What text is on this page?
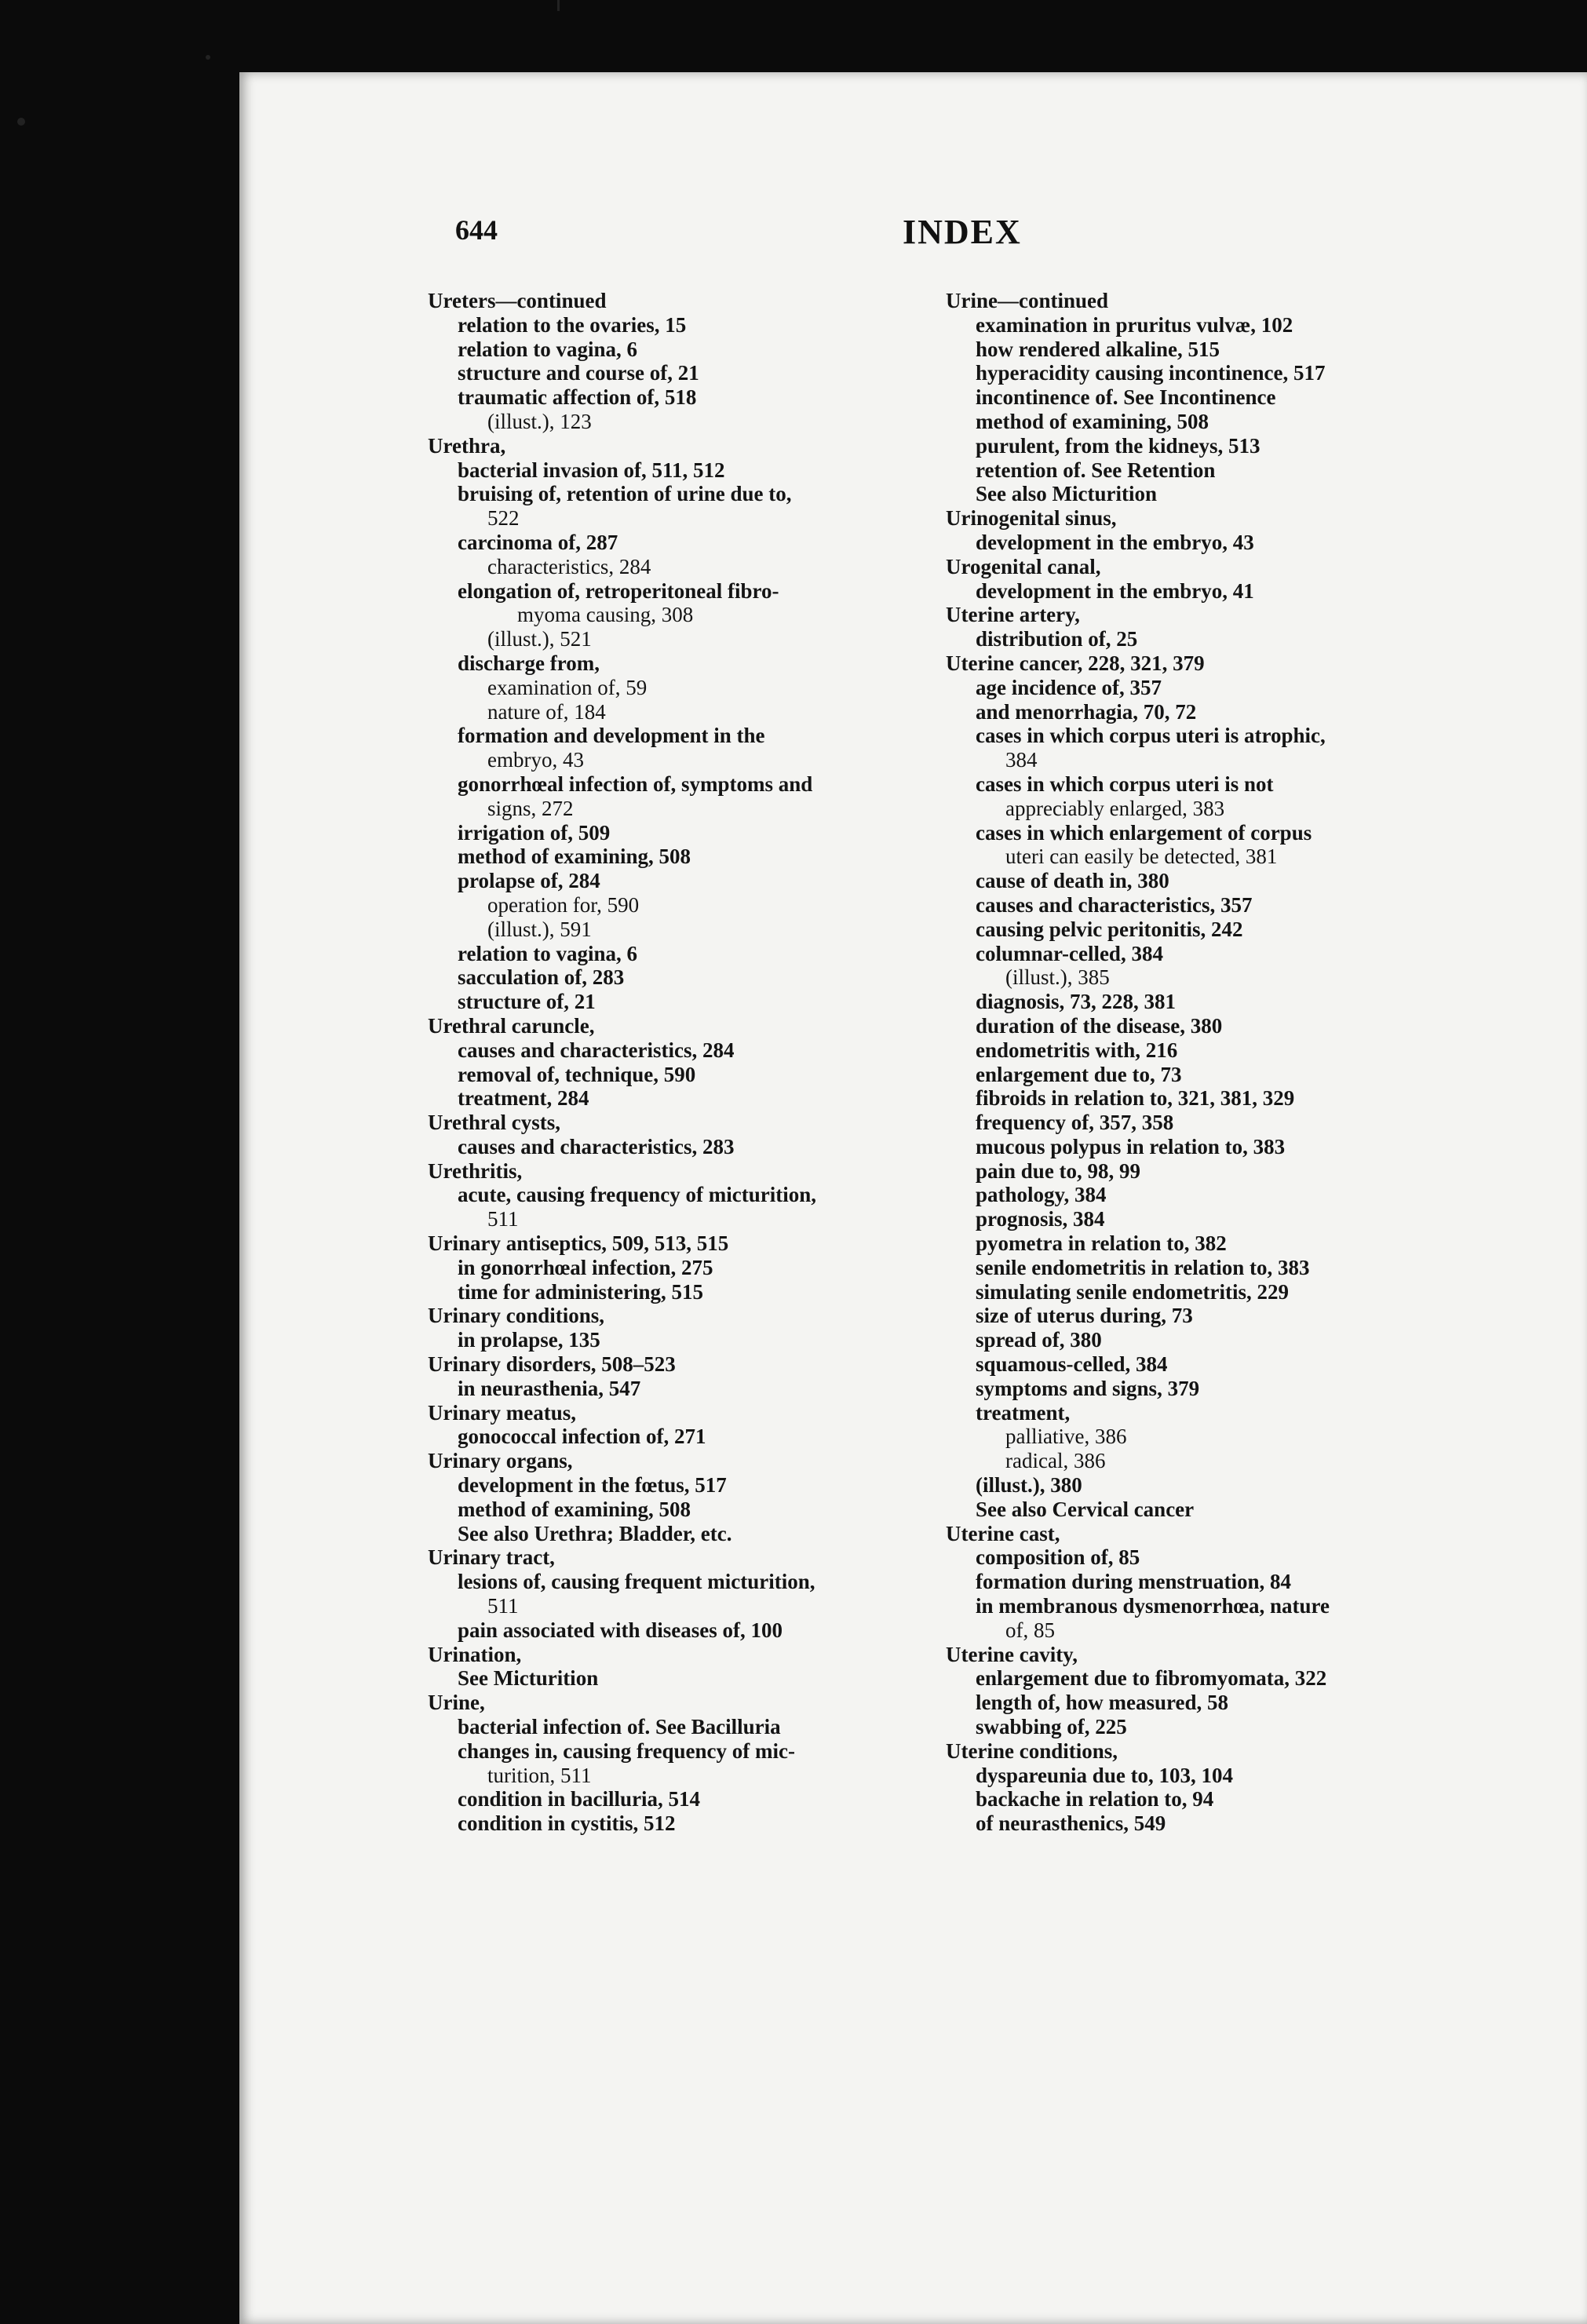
644	INDEX
Ureters—continued
relation to the ovaries, 15
relation to vagina, 6
structure and course of, 21
traumatic affection of, 518
(illust.), 123
Urethra,
bacterial invasion of, 511, 512
bruising of, retention of urine due to,
522
carcinoma of, 287
characteristics, 284
elongation of, retroperitoneal fibro-
myoma causing, 308
(illust.), 521
discharge from,
examination of, 59
nature of, 184
formation and development in the
embryo, 43
gonorrhœal infection of, symptoms and
signs, 272
irrigation of, 509
method of examining, 508
prolapse of, 284
operation for, 590
(illust.), 591
relation to vagina, 6
sacculation of, 283
structure of, 21
Urethral caruncle,
causes and characteristics, 284
removal of, technique, 590
treatment, 284
Urethral cysts,
causes and characteristics, 283
Urethritis,
acute, causing frequency of micturition,
511
Urinary antiseptics, 509, 513, 515
in gonorrhœal infection, 275
time for administering, 515
Urinary conditions,
in prolapse, 135
Urinary disorders, 508–523
in neurasthenia, 547
Urinary meatus,
gonococcal infection of, 271
Urinary organs,
development in the fœtus, 517
method of examining, 508
See also Urethra; Bladder, etc.
Urinary tract,
lesions of, causing frequent micturition,
511
pain associated with diseases of, 100
Urination,
See Micturition
Urine,
bacterial infection of. See Bacilluria
changes in, causing frequency of mic-
turition, 511
condition in bacilluria, 514
condition in cystitis, 512
Urine—continued
examination in pruritus vulvæ, 102
how rendered alkaline, 515
hyperacidity causing incontinence, 517
incontinence of. See Incontinence
method of examining, 508
purulent, from the kidneys, 513
retention of. See Retention
See also Micturition
Urinogenital sinus,
development in the embryo, 43
Urogenital canal,
development in the embryo, 41
Uterine artery,
distribution of, 25
Uterine cancer, 228, 321, 379
age incidence of, 357
and menorrhagia, 70, 72
cases in which corpus uteri is atrophic,
384
cases in which corpus uteri is not
appreciably enlarged, 383
cases in which enlargement of corpus
uteri can easily be detected, 381
cause of death in, 380
causes and characteristics, 357
causing pelvic peritonitis, 242
columnar-celled, 384
(illust.), 385
diagnosis, 73, 228, 381
duration of the disease, 380
endometritis with, 216
enlargement due to, 73
fibroids in relation to, 321, 381, 329
frequency of, 357, 358
mucous polypus in relation to, 383
pain due to, 98, 99
pathology, 384
prognosis, 384
pyometra in relation to, 382
senile endometritis in relation to, 383
simulating senile endometritis, 229
size of uterus during, 73
spread of, 380
squamous-celled, 384
symptoms and signs, 379
treatment,
palliative, 386
radical, 386
(illust.), 380
See also Cervical cancer
Uterine cast,
composition of, 85
formation during menstruation, 84
in membranous dysmenorrhœa, nature
of, 85
Uterine cavity,
enlargement due to fibromyomata, 322
length of, how measured, 58
swabbing of, 225
Uterine conditions,
dyspareunia due to, 103, 104
backache in relation to, 94
of neurasthenics, 549
